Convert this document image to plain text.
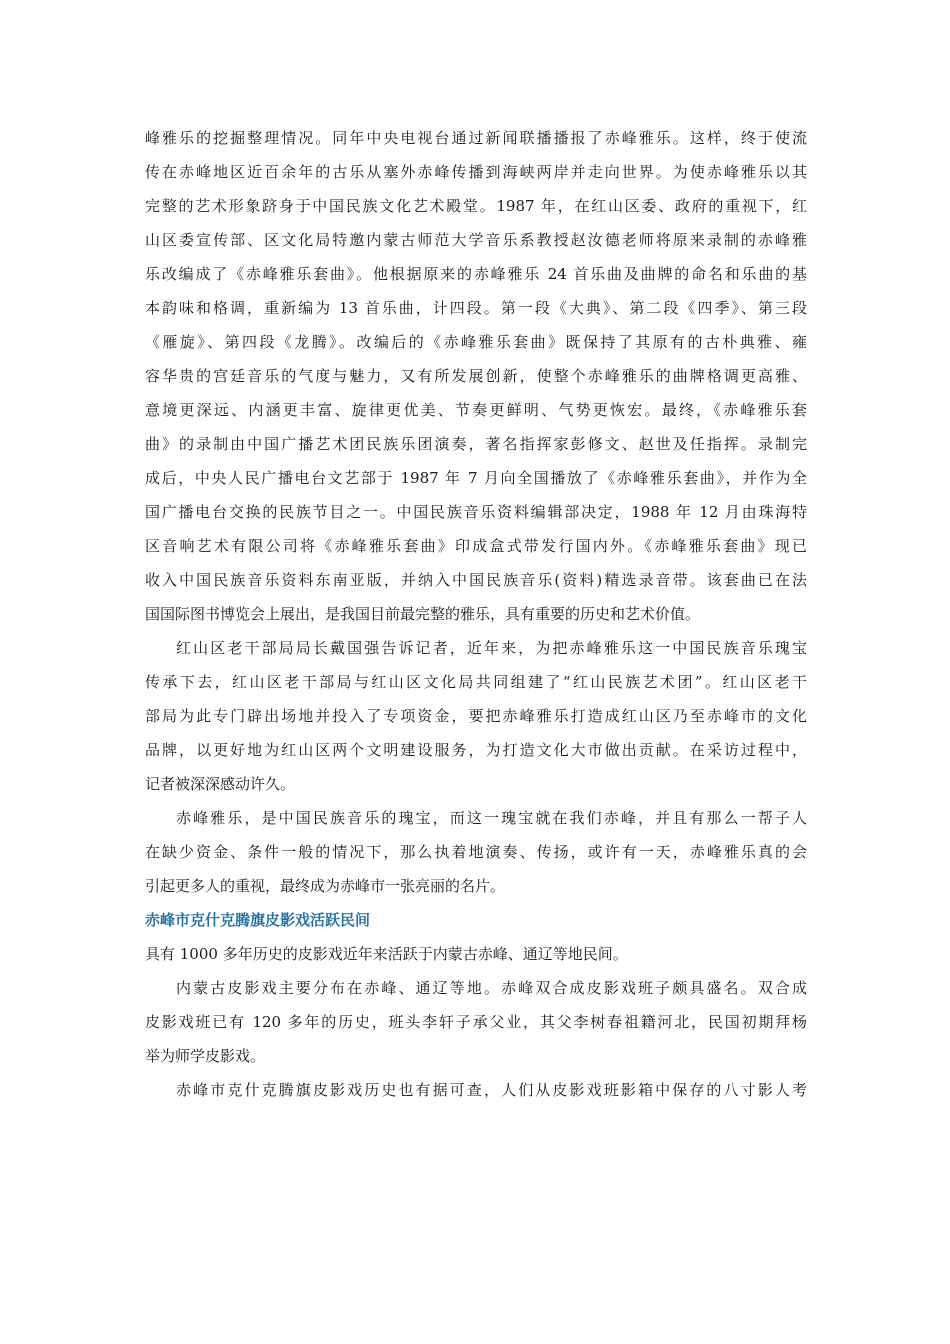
峰雅乐的挖掘整理情况。同年中央电视台通过新闻联播播报了赤峰雅乐。这样，终于使流
传在赤峰地区近百余年的古乐从塞外赤峰传播到海峡两岸并走向世界。为使赤峰雅乐以其
完整的艺术形象跻身于中国民族文化艺术殿堂。1987 年，在红山区委、政府的重视下，红
山区委宣传部、区文化局特邀内蒙古师范大学音乐系教授赵汝德老师将原来录制的赤峰雅
乐改编成了《赤峰雅乐套曲》。他根据原来的赤峰雅乐 24 首乐曲及曲牌的命名和乐曲的基
本韵味和格调，重新编为 13 首乐曲，计四段。第一段《大典》、第二段《四季》、第三段
《雁旋》、第四段《龙腾》。改编后的《赤峰雅乐套曲》既保持了其原有的古朴典雅、雍
容华贵的宫廷音乐的气度与魅力，又有所发展创新，使整个赤峰雅乐的曲牌格调更高雅、
意境更深远、内涵更丰富、旋律更优美、节奏更鲜明、气势更恢宏。最终，《赤峰雅乐套
曲》的录制由中国广播艺术团民族乐团演奏，著名指挥家彭修文、赵世及任指挥。录制完
成后，中央人民广播电台文艺部于 1987 年 7 月向全国播放了《赤峰雅乐套曲》，并作为全
国广播电台交换的民族节目之一。中国民族音乐资料编辑部决定，1988 年 12 月由珠海特
区音响艺术有限公司将《赤峰雅乐套曲》印成盒式带发行国内外。《赤峰雅乐套曲》现已
收入中国民族音乐资料东南亚版，并纳入中国民族音乐(资料)精选录音带。该套曲已在法
国国际图书博览会上展出，是我国目前最完整的雅乐，具有重要的历史和艺术价值。
红山区老干部局局长戴国强告诉记者，近年来，为把赤峰雅乐这一中国民族音乐瑰宝
传承下去，红山区老干部局与红山区文化局共同组建了“红山民族艺术团”。红山区老干
部局为此专门辟出场地并投入了专项资金，要把赤峰雅乐打造成红山区乃至赤峰市的文化
品牌，以更好地为红山区两个文明建设服务，为打造文化大市做出贡献。在采访过程中，
记者被深深感动许久。
赤峰雅乐，是中国民族音乐的瑰宝，而这一瑰宝就在我们赤峰，并且有那么一帮子人
在缺少资金、条件一般的情况下，那么执着地演奏、传扬，或许有一天，赤峰雅乐真的会
引起更多人的重视，最终成为赤峰市一张亮丽的名片。
赤峰市克什克腾旗皮影戏活跃民间
具有 1000 多年历史的皮影戏近年来活跃于内蒙古赤峰、通辽等地民间。
内蒙古皮影戏主要分布在赤峰、通辽等地。赤峰双合成皮影戏班子颇具盛名。双合成
皮影戏班已有 120 多年的历史，班头李轩子承父业，其父李树春祖籍河北，民国初期拜杨
举为师学皮影戏。
赤峰市克什克腾旗皮影戏历史也有据可查，人们从皮影戏班影箱中保存的八寸影人考
